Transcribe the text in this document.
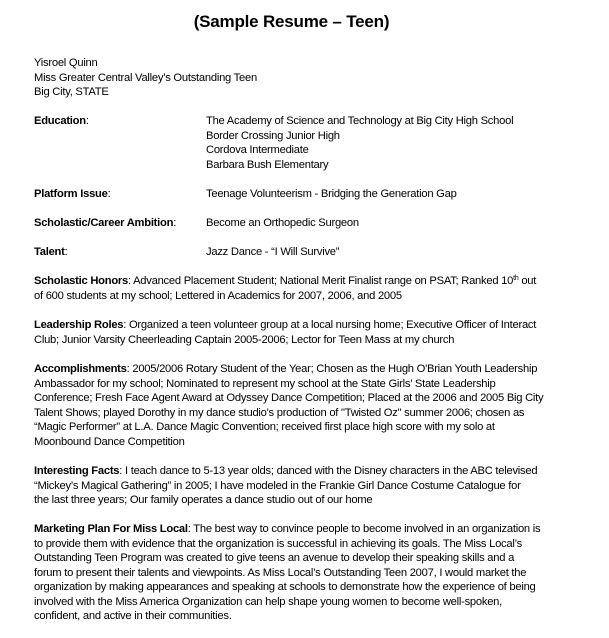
(Sample Resume – Teen)
Yisroel Quinn
Miss Greater Central Valley’s Outstanding Teen
Big City, STATE
Education:	The Academy of Science and Technology at Big City High School
Border Crossing Junior High
Cordova Intermediate
Barbara Bush Elementary
Platform Issue:	Teenage Volunteerism - Bridging the Generation Gap
Scholastic/Career Ambition:	Become an Orthopedic Surgeon
Talent:	Jazz Dance - “I Will Survive”
Scholastic Honors: Advanced Placement Student; National Merit Finalist range on PSAT; Ranked 10th out
of 600 students at my school; Lettered in Academics for 2007, 2006, and 2005
Leadership Roles: Organized a teen volunteer group at a local nursing home; Executive Officer of Interact
Club; Junior Varsity Cheerleading Captain 2005-2006; Lector for Teen Mass at my church
Accomplishments: 2005/2006 Rotary Student of the Year; Chosen as the Hugh O'Brian Youth Leadership
Ambassador for my school; Nominated to represent my school at the State Girls’ State Leadership
Conference; Fresh Face Agent Award at Odyssey Dance Competition; Placed at the 2006 and 2005 Big City
Talent Shows; played Dorothy in my dance studio's production of "Twisted Oz" summer 2006; chosen as
“Magic Performer” at L.A. Dance Magic Convention; received first place high score with my solo at
Moonbound Dance Competition
Interesting Facts: I teach dance to 5-13 year olds; danced with the Disney characters in the ABC televised
“Mickey’s Magical Gathering” in 2005; I have modeled in the Frankie Girl Dance Costume Catalogue for
the last three years; Our family operates a dance studio out of our home
Marketing Plan For Miss Local: The best way to convince people to become involved in an organization is
to provide them with evidence that the organization is successful in achieving its goals. The Miss Local’s
Outstanding Teen Program was created to give teens an avenue to develop their speaking skills and a
forum to present their talents and viewpoints. As Miss Local’s Outstanding Teen 2007, I would market the
organization by making appearances and speaking at schools to demonstrate how the experience of being
involved with the Miss America Organization can help shape young women to become well-spoken,
confident, and active in their communities.
